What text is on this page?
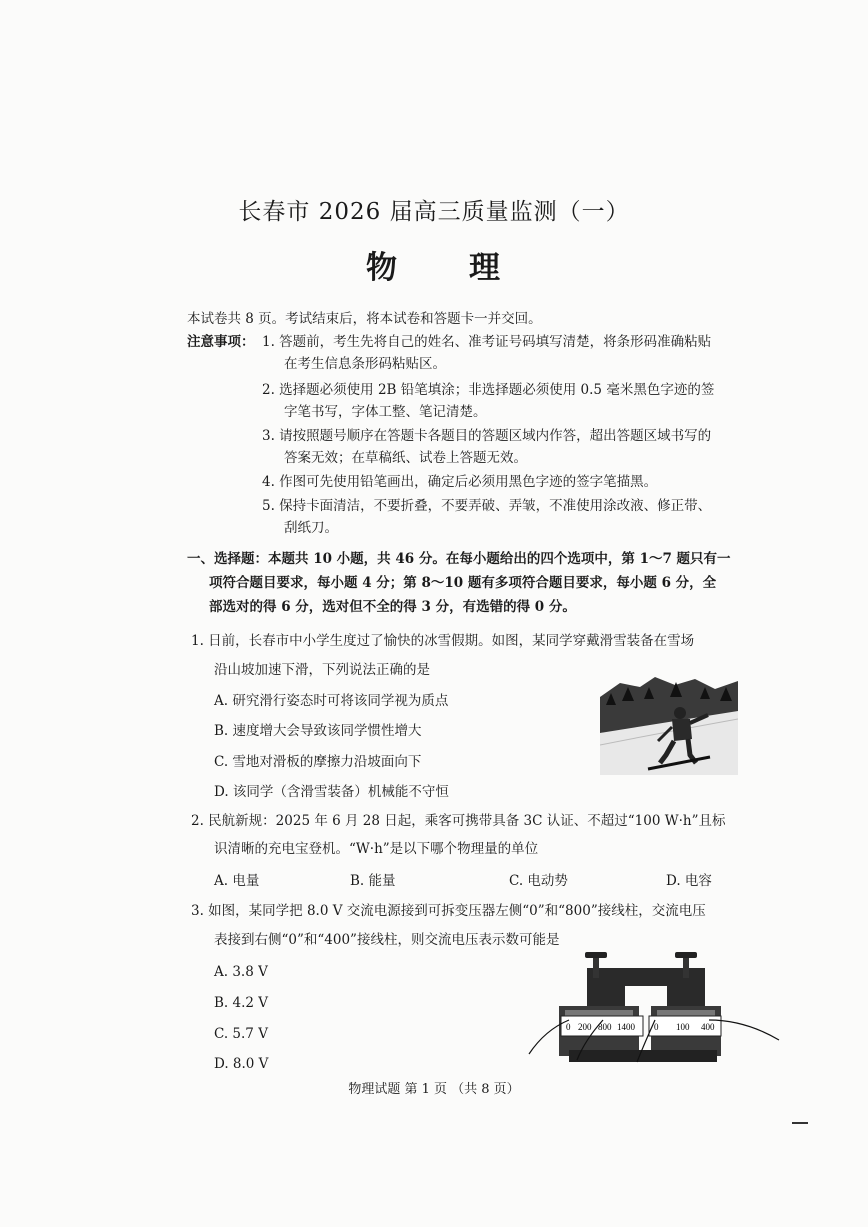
长春市 2026 届高三质量监测（一）
物 理
本试卷共 8 页。考试结束后，将本试卷和答题卡一并交回。
注意事项： 1. 答题前，考生先将自己的姓名、准考证号码填写清楚，将条形码准确粘贴
在考生信息条形码粘贴区。
2. 选择题必须使用 2B 铅笔填涂；非选择题必须使用 0.5 毫米黑色字迹的签
字笔书写，字体工整、笔记清楚。
3. 请按照题号顺序在答题卡各题目的答题区域内作答，超出答题区域书写的
答案无效；在草稿纸、试卷上答题无效。
4. 作图可先使用铅笔画出，确定后必须用黑色字迹的签字笔描黑。
5. 保持卡面清洁，不要折叠，不要弄破、弄皱，不准使用涂改液、修正带、
刮纸刀。
一、选择题：本题共 10 小题，共 46 分。在每小题给出的四个选项中，第 1～7 题只有一
项符合题目要求，每小题 4 分；第 8～10 题有多项符合题目要求，每小题 6 分，全
部选对的得 6 分，选对但不全的得 3 分，有选错的得 0 分。
1. 日前，长春市中小学生度过了愉快的冰雪假期。如图，某同学穿戴滑雪装备在雪场
沿山坡加速下滑，下列说法正确的是
A. 研究滑行姿态时可将该同学视为质点
B. 速度增大会导致该同学惯性增大
C. 雪地对滑板的摩擦力沿坡面向下
D. 该同学（含滑雪装备）机械能不守恒
2. 民航新规：2025 年 6 月 28 日起，乘客可携带具备 3C 认证、不超过“100 W·h”且标
识清晰的充电宝登机。“W·h”是以下哪个物理量的单位
A. 电量	B. 能量	C. 电动势	D. 电容
3. 如图，某同学把 8.0 V 交流电源接到可拆变压器左侧“0”和“800”接线柱，交流电压
表接到右侧“0”和“400”接线柱，则交流电压表示数可能是
A. 3.8 V
B. 4.2 V
C. 5.7 V
D. 8.0 V
0 200 800 1400 0 100 400
物理试题 第 1 页 （共 8 页）
